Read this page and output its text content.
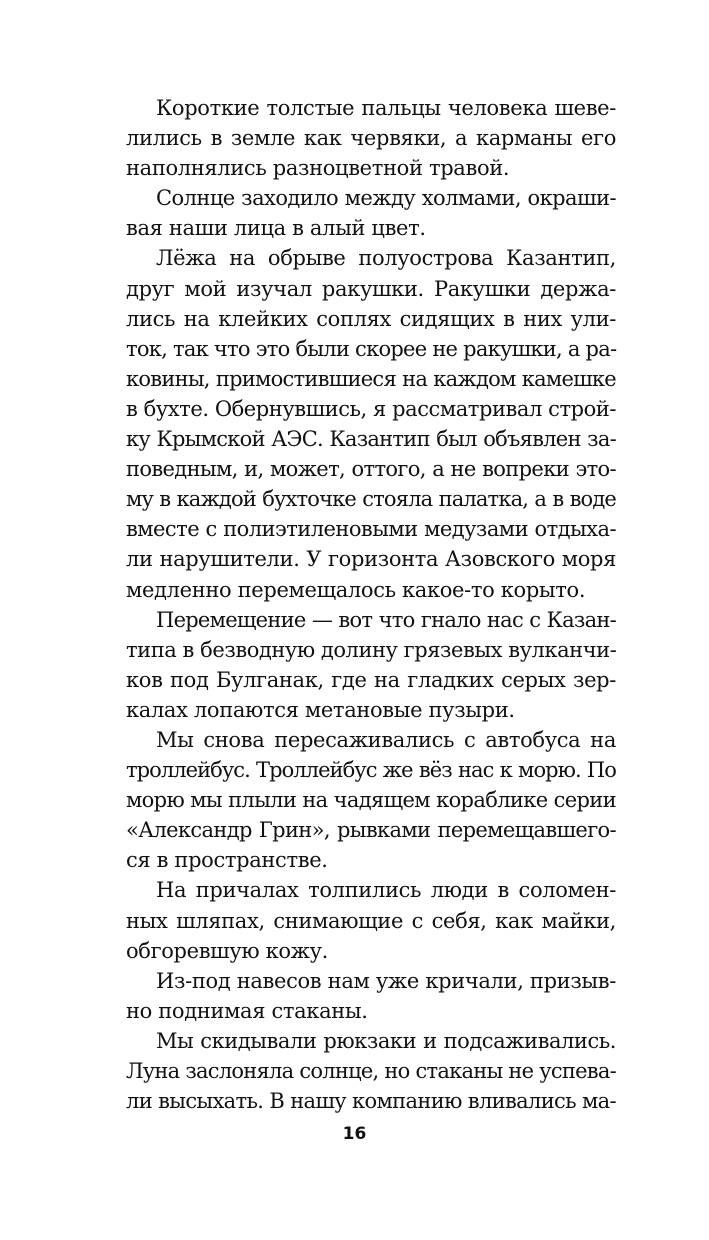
Короткие толстые пальцы человека шеве-
лились в земле как червяки, а карманы его
наполнялись разноцветной травой.
Солнце заходило между холмами, окраши-
вая наши лица в алый цвет.
Лёжа на обрыве полуострова Казантип,
друг мой изучал ракушки. Ракушки держа-
лись на клейких соплях сидящих в них ули-
ток, так что это были скорее не ракушки, а ра-
ковины, примостившиеся на каждом камешке
в бухте. Обернувшись, я рассматривал строй-
ку Крымской АЭС. Казантип был объявлен за-
поведным, и, может, оттого, а не вопреки это-
му в каждой бухточке стояла палатка, а в воде
вместе с полиэтиленовыми медузами отдыха-
ли нарушители. У горизонта Азовского моря
медленно перемещалось какое-то корыто.
Перемещение — вот что гнало нас с Казан-
типа в безводную долину грязевых вулканчи-
ков под Булганак, где на гладких серых зер-
калах лопаются метановые пузыри.
Мы снова пересаживались с автобуса на
троллейбус. Троллейбус же вёз нас к морю. По
морю мы плыли на чадящем кораблике серии
«Александр Грин», рывками перемещавшего-
ся в пространстве.
На причалах толпились люди в соломен-
ных шляпах, снимающие с себя, как майки,
обгоревшую кожу.
Из-под навесов нам уже кричали, призыв-
но поднимая стаканы.
Мы скидывали рюкзаки и подсаживались.
Луна заслоняла солнце, но стаканы не успева-
ли высыхать. В нашу компанию вливались ма-
16
